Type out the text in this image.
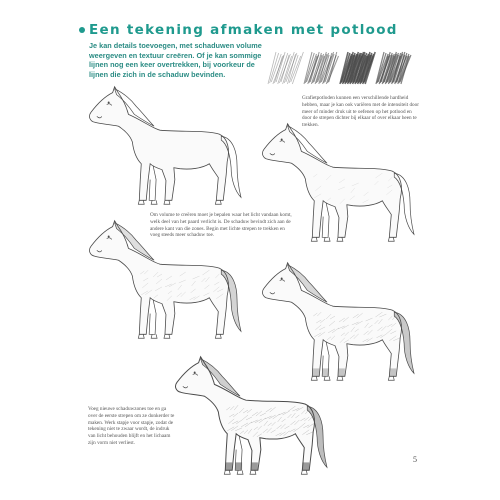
Een tekening afmaken met potlood
Je kan details toevoegen, met schaduwen volume weergeven en textuur creëren. Of je kan sommige lijnen nog een keer overtrekken, bij voorkeur de lijnen die zich in de schaduw bevinden.
Grafietpotloden kunnen een verschillende hardheid hebben, maar je kan ook variëren met de intensiteit door meer of minder druk uit te oefenen op het potlood en door de strepen dichter bij elkaar of over elkaar heen te trekken.
Om volume te creëren moet je bepalen waar het licht vandaan komt, welk deel van het paard verlicht is. De schaduw bevindt zich aan de andere kant van die zones. Begin met lichte strepen te trekken en voeg steeds meer schaduw toe.
Voeg nieuwe schaduwzones toe en ga over de eerste strepen om ze donkerder te maken. Werk stapje voor stapje, zodat de tekening niet te zwaar wordt, de indruk van licht behouden blijft en het lichaam zijn vorm niet verliest.
5
